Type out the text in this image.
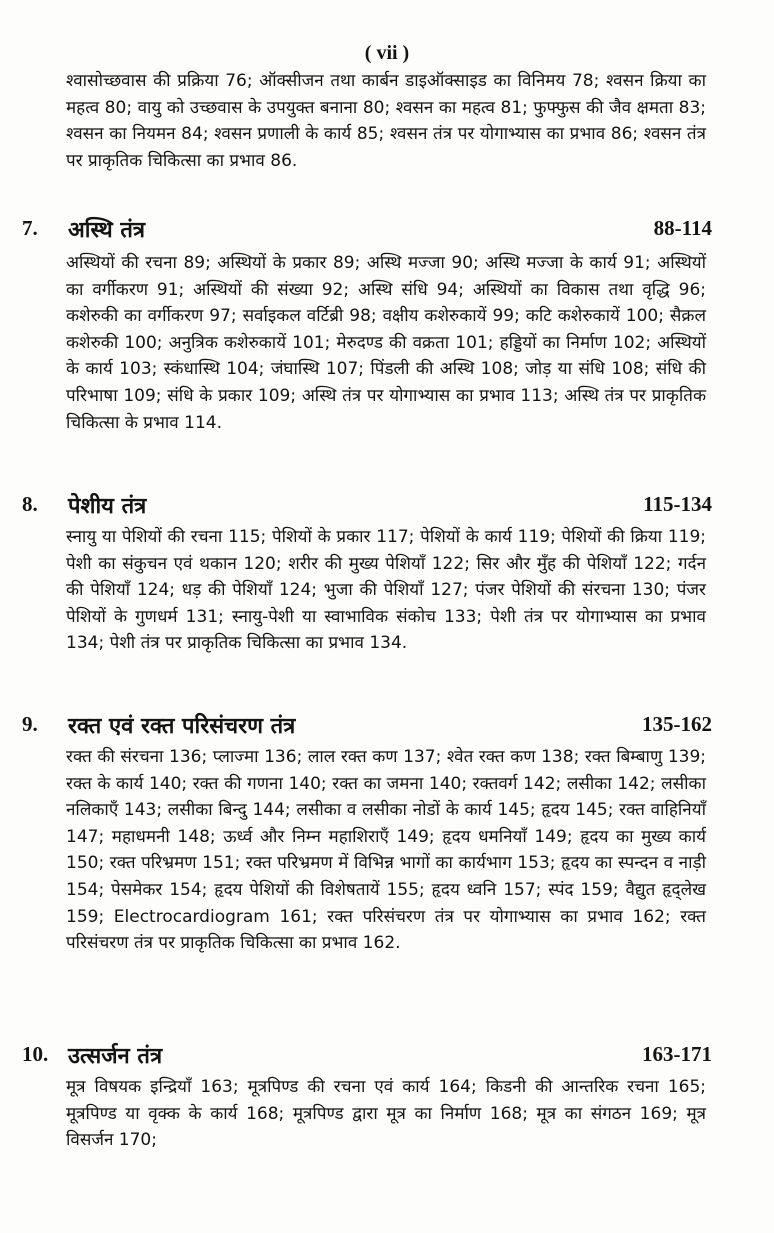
( vii )
श्वासोच्छवास की प्रक्रिया 76; ऑक्सीजन तथा कार्बन डाइऑक्साइड का विनिमय 78; श्वसन क्रिया का महत्व 80; वायु को उच्छवास के उपयुक्त बनाना 80; श्वसन का महत्व 81; फुफ्फुस की जैव क्षमता 83; श्वसन का नियमन 84; श्वसन प्रणाली के कार्य 85; श्वसन तंत्र पर योगाभ्यास का प्रभाव 86; श्वसन तंत्र पर प्राकृतिक चिकित्सा का प्रभाव 86.
7. अस्थि तंत्र	88-114
अस्थियों की रचना 89; अस्थियों के प्रकार 89; अस्थि मज्जा 90; अस्थि मज्जा के कार्य 91; अस्थियों का वर्गीकरण 91; अस्थियों की संख्या 92; अस्थि संधि 94; अस्थियों का विकास तथा वृद्धि 96; कशेरुकी का वर्गीकरण 97; सर्वाइकल वर्टिब्री 98; वक्षीय कशेरुकायें 99; कटि कशेरुकायें 100; सैक्रल कशेरुकी 100; अनुत्रिक कशेरुकायें 101; मेरुदण्ड की वक्रता 101; हड्डियों का निर्माण 102; अस्थियों के कार्य 103; स्कंधास्थि 104; जंघास्थि 107; पिंडली की अस्थि 108; जोड़ या संधि 108; संधि की परिभाषा 109; संधि के प्रकार 109; अस्थि तंत्र पर योगाभ्यास का प्रभाव 113; अस्थि तंत्र पर प्राकृतिक चिकित्सा के प्रभाव 114.
8. पेशीय तंत्र	115-134
स्नायु या पेशियों की रचना 115; पेशियों के प्रकार 117; पेशियों के कार्य 119; पेशियों की क्रिया 119; पेशी का संकुचन एवं थकान 120; शरीर की मुख्य पेशियाँ 122; सिर और मुँह की पेशियाँ 122; गर्दन की पेशियाँ 124; धड़ की पेशियाँ 124; भुजा की पेशियाँ 127; पंजर पेशियों की संरचना 130; पंजर पेशियों के गुणधर्म 131; स्नायु-पेशी या स्वाभाविक संकोच 133; पेशी तंत्र पर योगाभ्यास का प्रभाव 134; पेशी तंत्र पर प्राकृतिक चिकित्सा का प्रभाव 134.
9. रक्त एवं रक्त परिसंचरण तंत्र	135-162
रक्त की संरचना 136; प्लाज्मा 136; लाल रक्त कण 137; श्वेत रक्त कण 138; रक्त बिम्बाणु 139; रक्त के कार्य 140; रक्त की गणना 140; रक्त का जमना 140; रक्तवर्ग 142; लसीका 142; लसीका नलिकाएँ 143; लसीका बिन्दु 144; लसीका व लसीका नोडों के कार्य 145; हृदय 145; रक्त वाहिनियाँ 147; महाधमनी 148; ऊर्ध्व और निम्न महाशिराएँ 149; हृदय धमनियाँ 149; हृदय का मुख्य कार्य 150; रक्त परिभ्रमण 151; रक्त परिभ्रमण में विभिन्न भागों का कार्यभाग 153; हृदय का स्पन्दन व नाड़ी 154; पेसमेकर 154; हृदय पेशियों की विशेषतायें 155; हृदय ध्वनि 157; स्पंद 159; वैद्युत हृद्लेख 159; Electrocardiogram 161; रक्त परिसंचरण तंत्र पर योगाभ्यास का प्रभाव 162; रक्त परिसंचरण तंत्र पर प्राकृतिक चिकित्सा का प्रभाव 162.
10. उत्सर्जन तंत्र	163-171
मूत्र विषयक इन्द्रियाँ 163; मूत्रपिण्ड की रचना एवं कार्य 164; किडनी की आन्तरिक रचना 165; मूत्रपिण्ड या वृक्क के कार्य 168; मूत्रपिण्ड द्वारा मूत्र का निर्माण 168; मूत्र का संगठन 169; मूत्र विसर्जन 170;
